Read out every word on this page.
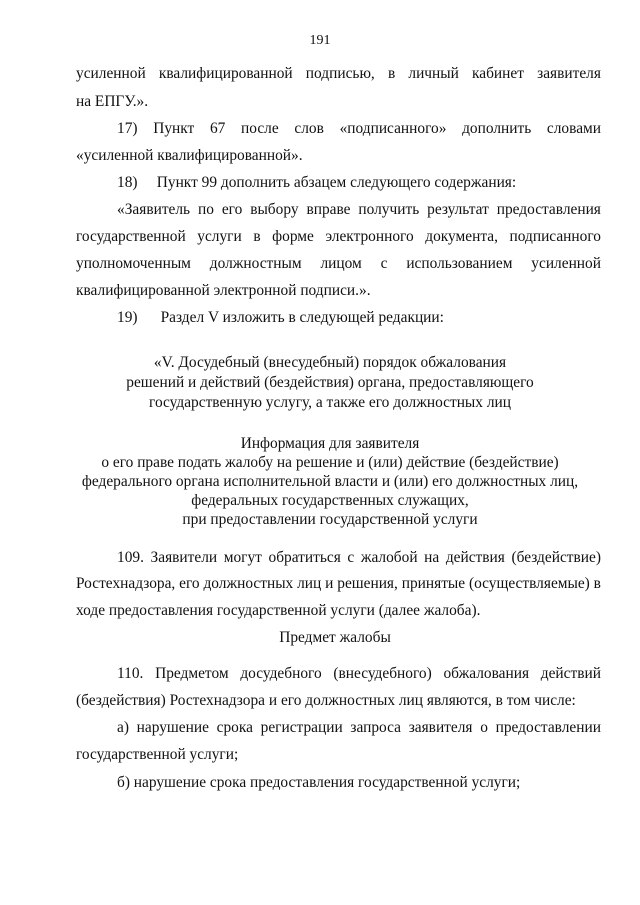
191
усиленной квалифицированной подписью, в личный кабинет заявителя
на ЕПГУ.».
17) Пункт 67 после слов «подписанного» дополнить словами
«усиленной квалифицированной».
18)     Пункт 99 дополнить абзацем следующего содержания:
«Заявитель по его выбору вправе получить результат предоставления
государственной услуги в форме электронного документа, подписанного
уполномоченным должностным лицом с использованием усиленной
квалифицированной электронной подписи.».
19)      Раздел V изложить в следующей редакции:
«V. Досудебный (внесудебный) порядок обжалования
решений и действий (бездействия) органа, предоставляющего
государственную услугу, а также его должностных лиц
Информация для заявителя
о его праве подать жалобу на решение и (или) действие (бездействие)
федерального органа исполнительной власти и (или) его должностных лиц,
федеральных государственных служащих,
при предоставлении государственной услуги
109. Заявители могут обратиться с жалобой на действия (бездействие)
Ростехнадзора, его должностных лиц и решения, принятые (осуществляемые) в
ходе предоставления государственной услуги (далее жалоба).
Предмет жалобы
110. Предметом досудебного (внесудебного) обжалования действий
(бездействия) Ростехнадзора и его должностных лиц являются, в том числе:
а) нарушение срока регистрации запроса заявителя о предоставлении
государственной услуги;
б) нарушение срока предоставления государственной услуги;
